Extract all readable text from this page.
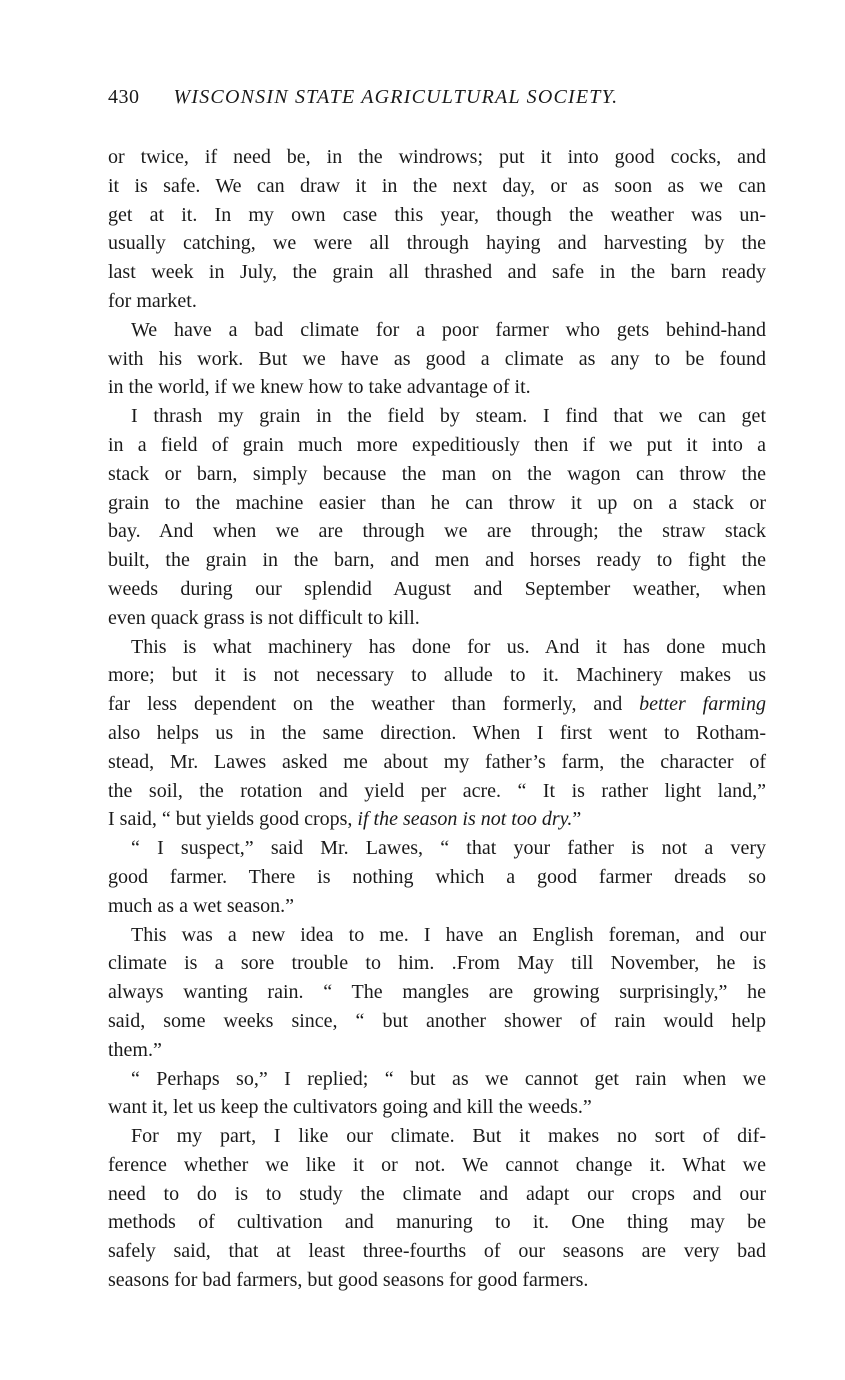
430 WISCONSIN STATE AGRICULTURAL SOCIETY.
or twice, if need be, in the windrows; put it into good cocks, and
it is safe. We can draw it in the next day, or as soon as we can
get at it. In my own case this year, though the weather was un-
usually catching, we were all through haying and harvesting by the
last week in July, the grain all thrashed and safe in the barn ready
for market.
We have a bad climate for a poor farmer who gets behind-hand
with his work. But we have as good a climate as any to be found
in the world, if we knew how to take advantage of it.
I thrash my grain in the field by steam. I find that we can get
in a field of grain much more expeditiously then if we put it into a
stack or barn, simply because the man on the wagon can throw the
grain to the machine easier than he can throw it up on a stack or
bay. And when we are through we are through; the straw stack
built, the grain in the barn, and men and horses ready to fight the
weeds during our splendid August and September weather, when
even quack grass is not difficult to kill.
This is what machinery has done for us. And it has done much
more; but it is not necessary to allude to it. Machinery makes us
far less dependent on the weather than formerly, and better farming
also helps us in the same direction. When I first went to Rotham-
stead, Mr. Lawes asked me about my father’s farm, the character of
the soil, the rotation and yield per acre. “ It is rather light land,”
I said, “ but yields good crops, if the season is not too dry.”
“ I suspect,” said Mr. Lawes, “ that your father is not a very
good farmer. There is nothing which a good farmer dreads so
much as a wet season.”
This was a new idea to me. I have an English foreman, and our
climate is a sore trouble to him. .From May till November, he is
always wanting rain. “ The mangles are growing surprisingly,” he
said, some weeks since, “ but another shower of rain would help
them.”
“ Perhaps so,” I replied; “ but as we cannot get rain when we
want it, let us keep the cultivators going and kill the weeds.”
For my part, I like our climate. But it makes no sort of dif-
ference whether we like it or not. We cannot change it. What we
need to do is to study the climate and adapt our crops and our
methods of cultivation and manuring to it. One thing may be
safely said, that at least three-fourths of our seasons are very bad
seasons for bad farmers, but good seasons for good farmers.
